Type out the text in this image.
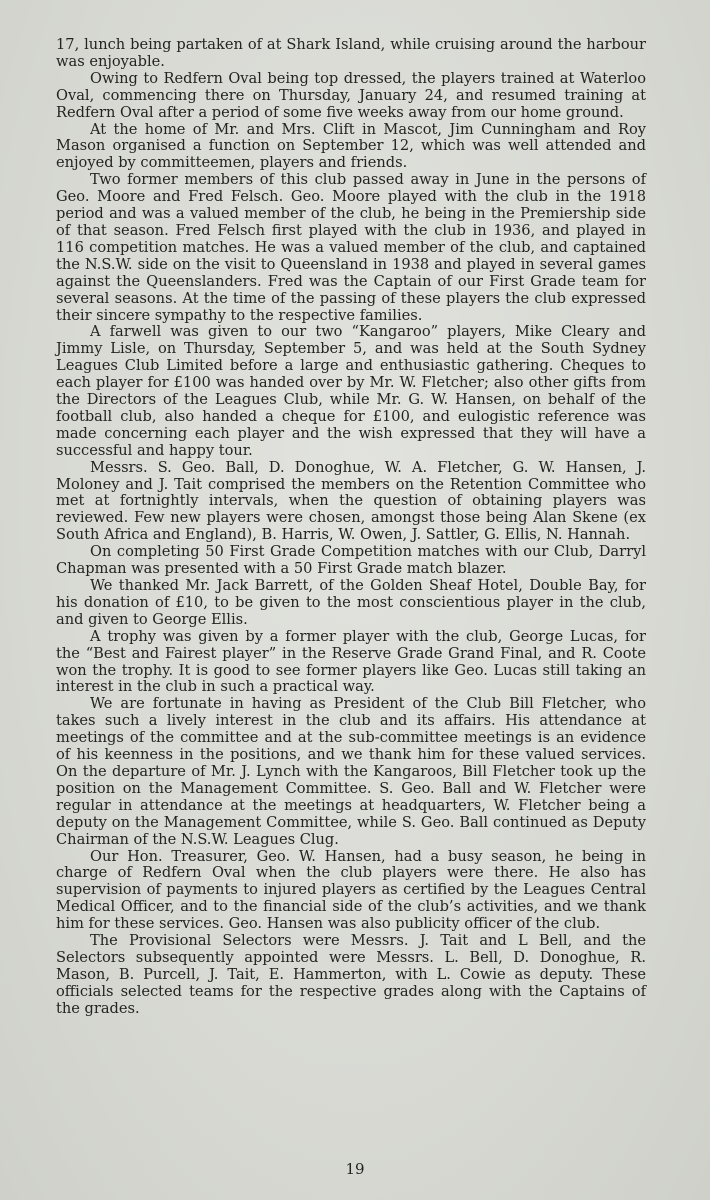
17, lunch being partaken of at Shark Island, while cruising around the harbour was enjoyable.

Owing to Redfern Oval being top dressed, the players trained at Waterloo Oval, commencing there on Thursday, January 24, and resumed training at Redfern Oval after a period of some five weeks away from our home ground.

At the home of Mr. and Mrs. Clift in Mascot, Jim Cunningham and Roy Mason organised a function on September 12, which was well attended and enjoyed by committeemen, players and friends.

Two former members of this club passed away in June in the persons of Geo. Moore and Fred Felsch. Geo. Moore played with the club in the 1918 period and was a valued member of the club, he being in the Premiership side of that season. Fred Felsch first played with the club in 1936, and played in 116 competition matches. He was a valued member of the club, and captained the N.S.W. side on the visit to Queensland in 1938 and played in several games against the Queenslanders. Fred was the Captain of our First Grade team for several seasons. At the time of the passing of these players the club expressed their sincere sympathy to the respective families.

A farwell was given to our two “Kangaroo” players, Mike Cleary and Jimmy Lisle, on Thursday, September 5, and was held at the South Sydney Leagues Club Limited before a large and enthusiastic gathering. Cheques to each player for £100 was handed over by Mr. W. Fletcher; also other gifts from the Directors of the Leagues Club, while Mr. G. W. Hansen, on behalf of the football club, also handed a cheque for £100, and eulogistic reference was made concerning each player and the wish expressed that they will have a successful and happy tour.

Messrs. S. Geo. Ball, D. Donoghue, W. A. Fletcher, G. W. Hansen, J. Moloney and J. Tait comprised the members on the Retention Committee who met at fortnightly intervals, when the question of obtaining players was reviewed. Few new players were chosen, amongst those being Alan Skene (ex South Africa and England), B. Harris, W. Owen, J. Sattler, G. Ellis, N. Hannah.

On completing 50 First Grade Competition matches with our Club, Darryl Chapman was presented with a 50 First Grade match blazer.

We thanked Mr. Jack Barrett, of the Golden Sheaf Hotel, Double Bay, for his donation of £10, to be given to the most conscientious player in the club, and given to George Ellis.

A trophy was given by a former player with the club, George Lucas, for the “Best and Fairest player” in the Reserve Grade Grand Final, and R. Coote won the trophy. It is good to see former players like Geo. Lucas still taking an interest in the club in such a practical way.

We are fortunate in having as President of the Club Bill Fletcher, who takes such a lively interest in the club and its affairs. His attendance at meetings of the committee and at the sub-committee meetings is an evidence of his keenness in the positions, and we thank him for these valued services. On the departure of Mr. J. Lynch with the Kangaroos, Bill Fletcher took up the position on the Management Committee. S. Geo. Ball and W. Fletcher were regular in attendance at the meetings at headquarters, W. Fletcher being a deputy on the Management Committee, while S. Geo. Ball continued as Deputy Chairman of the N.S.W. Leagues Clug.

Our Hon. Treasurer, Geo. W. Hansen, had a busy season, he being in charge of Redfern Oval when the club players were there. He also has supervision of payments to injured players as certified by the Leagues Central Medical Officer, and to the financial side of the club’s activities, and we thank him for these services. Geo. Hansen was also publicity officer of the club.

The Provisional Selectors were Messrs. J. Tait and L Bell, and the Selectors subsequently appointed were Messrs. L. Bell, D. Donoghue, R. Mason, B. Purcell, J. Tait, E. Hammerton, with L. Cowie as deputy. These officials selected teams for the respective grades along with the Captains of the grades.

19
